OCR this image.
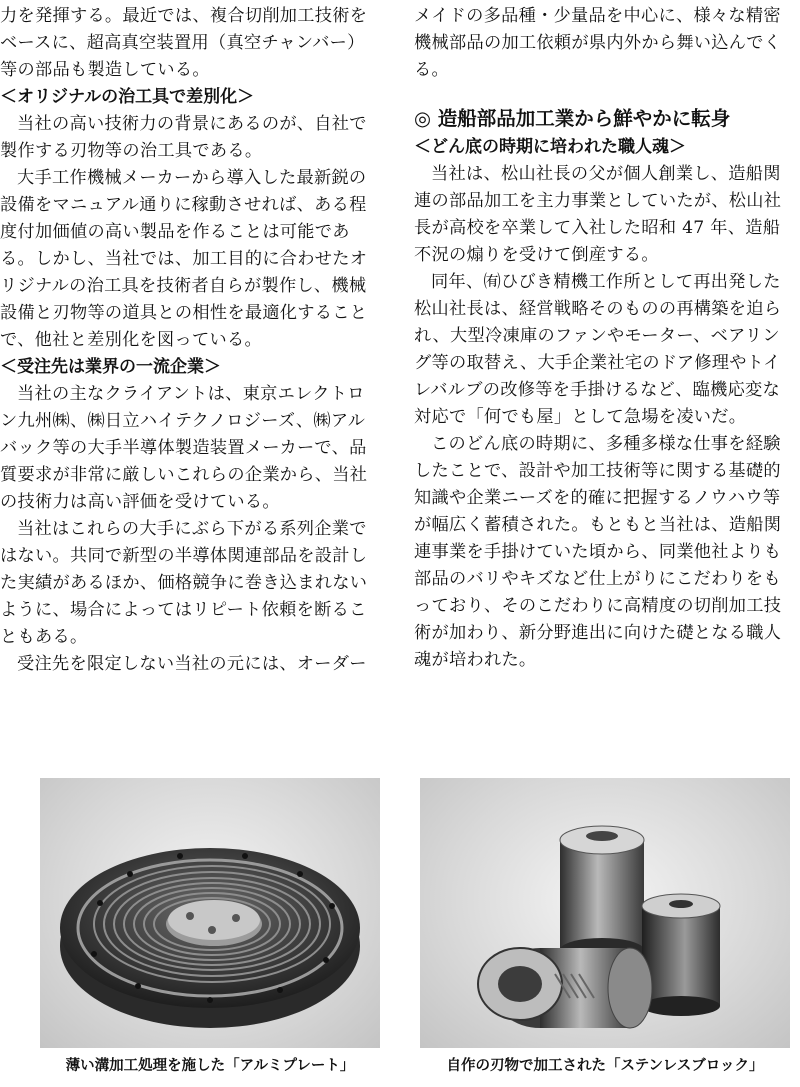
力を発揮する。最近では、複合切削加工技術を
ベースに、超高真空装置用（真空チャンバー）
等の部品も製造している。
＜オリジナルの治工具で差別化＞
当社の高い技術力の背景にあるのが、自社で
製作する刃物等の治工具である。
大手工作機械メーカーから導入した最新鋭の
設備をマニュアル通りに稼動させれば、ある程
度付加価値の高い製品を作ることは可能であ
る。しかし、当社では、加工目的に合わせたオ
リジナルの治工具を技術者自らが製作し、機械
設備と刃物等の道具との相性を最適化すること
で、他社と差別化を図っている。
＜受注先は業界の一流企業＞
当社の主なクライアントは、東京エレクトロ
ン九州㈱、㈱日立ハイテクノロジーズ、㈱アル
バック等の大手半導体製造装置メーカーで、品
質要求が非常に厳しいこれらの企業から、当社
の技術力は高い評価を受けている。
当社はこれらの大手にぶら下がる系列企業で
はない。共同で新型の半導体関連部品を設計し
た実績があるほか、価格競争に巻き込まれない
ように、場合によってはリピート依頼を断るこ
ともある。
受注先を限定しない当社の元には、オーダー
メイドの多品種・少量品を中心に、様々な精密
機械部品の加工依頼が県内外から舞い込んでく
る。
◎ 造船部品加工業から鮮やかに転身
＜どん底の時期に培われた職人魂＞
当社は、松山社長の父が個人創業し、造船関
連の部品加工を主力事業としていたが、松山社
長が高校を卒業して入社した昭和 47 年、造船
不況の煽りを受けて倒産する。
同年、㈲ひびき精機工作所として再出発した
松山社長は、経営戦略そのものの再構築を迫ら
れ、大型冷凍庫のファンやモーター、ベアリン
グ等の取替え、大手企業社宅のドア修理やトイ
レバルブの改修等を手掛けるなど、臨機応変な
対応で「何でも屋」として急場を凌いだ。
このどん底の時期に、多種多様な仕事を経験
したことで、設計や加工技術等に関する基礎的
知識や企業ニーズを的確に把握するノウハウ等
が幅広く蓄積された。もともと当社は、造船関
連事業を手掛けていた頃から、同業他社よりも
部品のバリやキズなど仕上がりにこだわりをも
っており、そのこだわりに高精度の切削加工技
術が加わり、新分野進出に向けた礎となる職人
魂が培われた。
薄い溝加工処理を施した「アルミプレート」	自作の刃物で加工された「ステンレスブロック」
